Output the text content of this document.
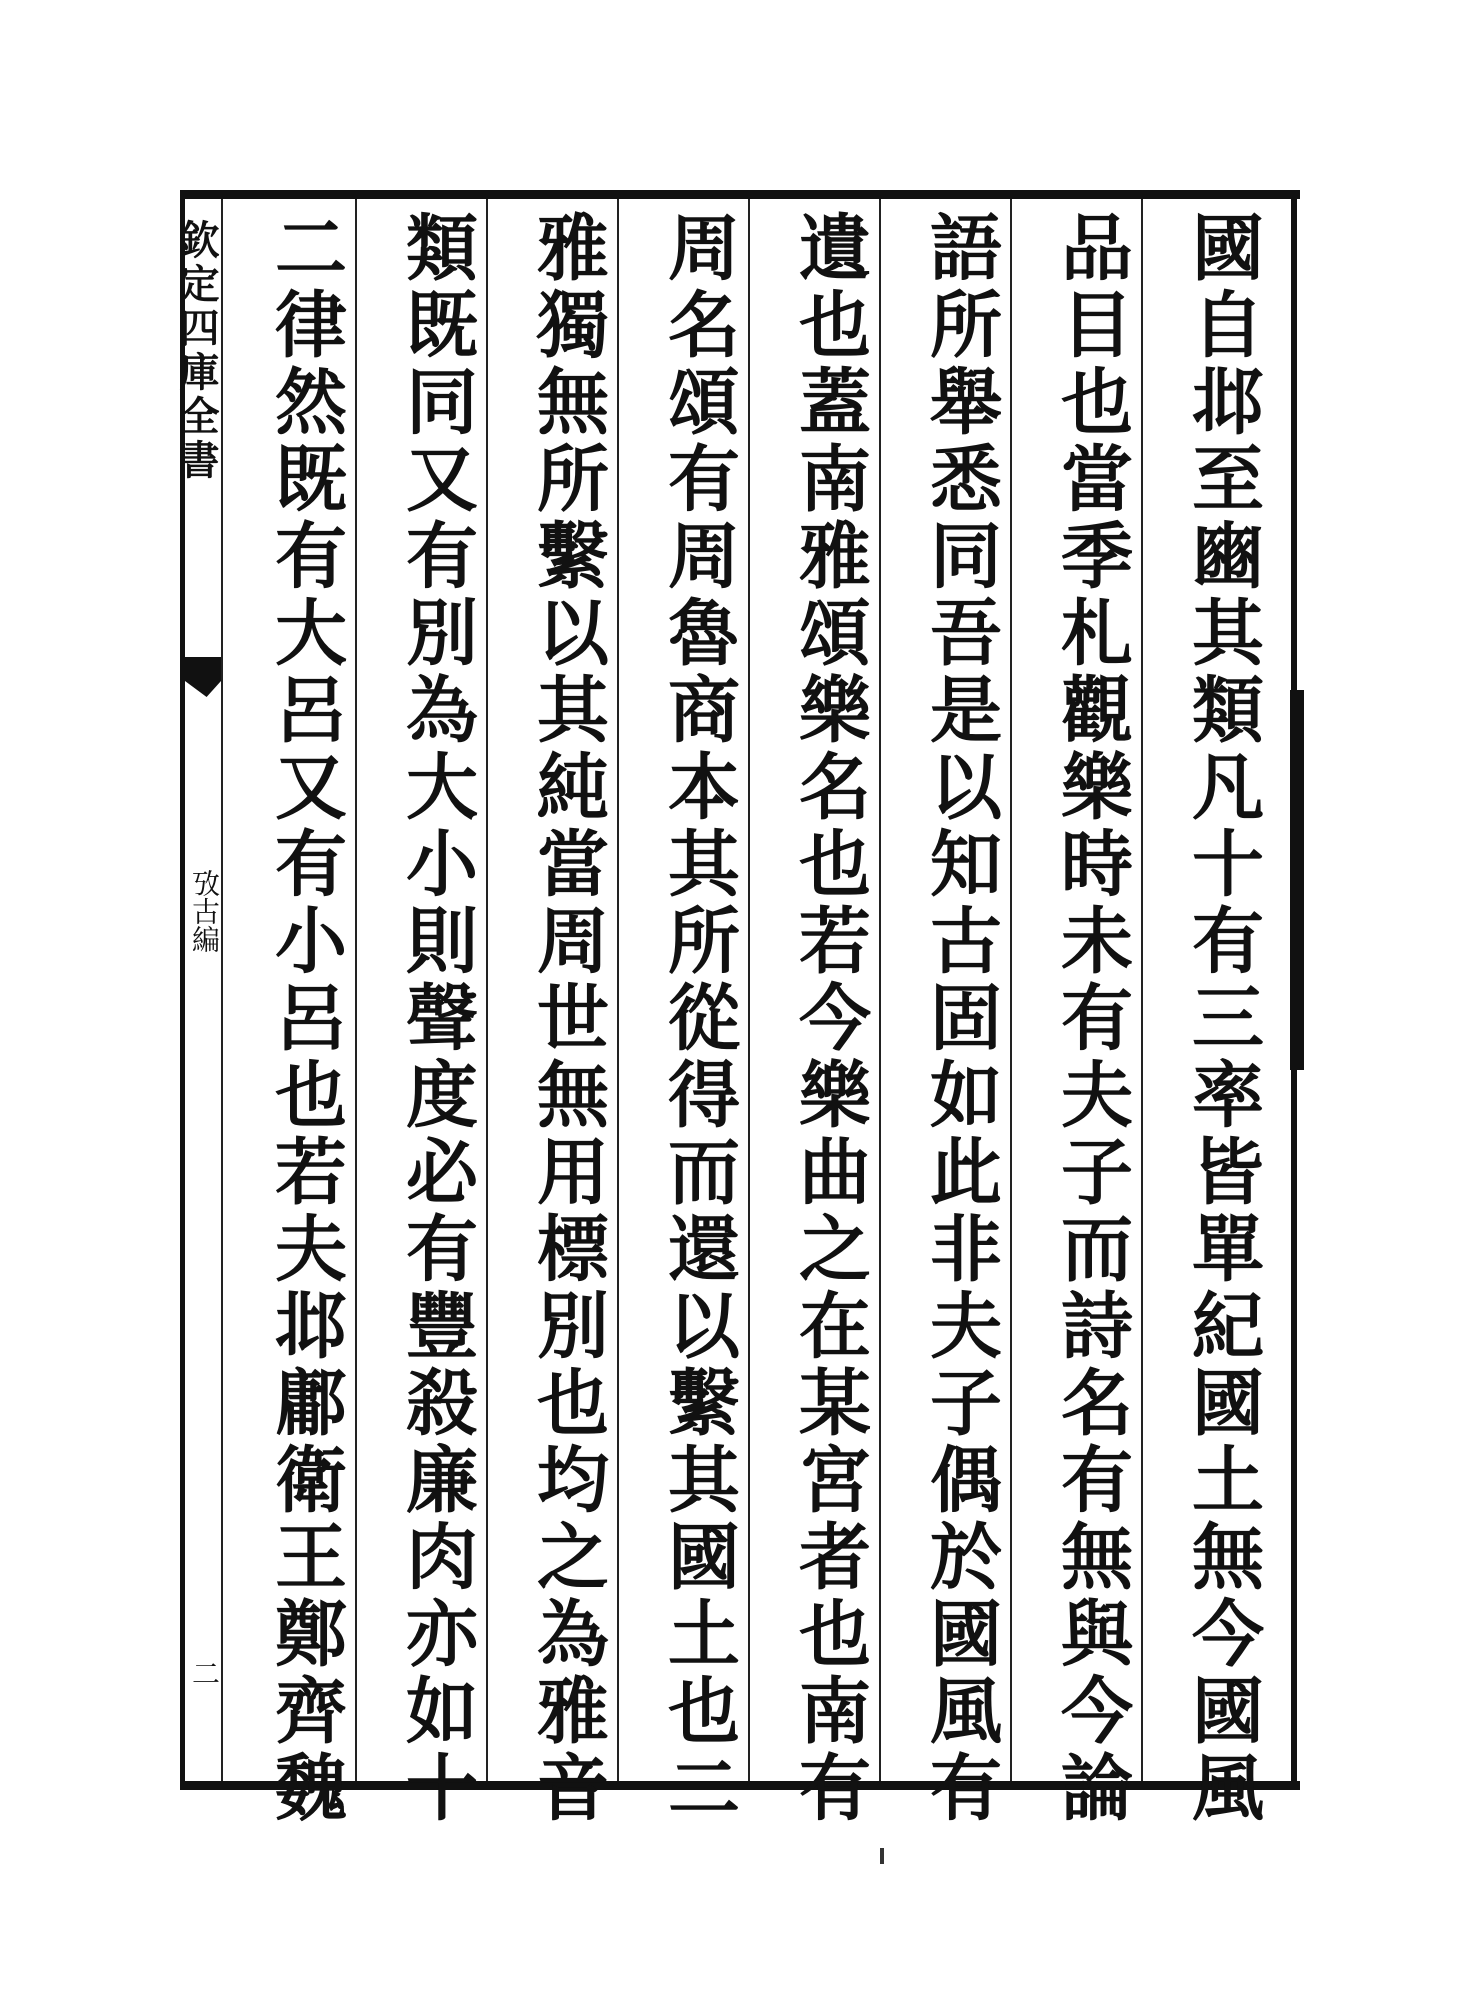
欽定四庫全書
攷古編
二	國自邶至豳其類凡十有三率皆單紀國土無今國風
品目也當季札觀樂時未有夫子而詩名有無與今論
語所舉悉同吾是以知古固如此非夫子偶於國風有
遺也蓋南雅頌樂名也若今樂曲之在某宮者也南有
周名頌有周魯商本其所從得而還以繫其國土也二
雅獨無所繫以其純當周世無用標別也均之為雅音
類既同又有別為大小則聲度必有豐殺廉肉亦如十
二律然既有大呂又有小呂也若夫邶鄘衛王鄭齊魏
